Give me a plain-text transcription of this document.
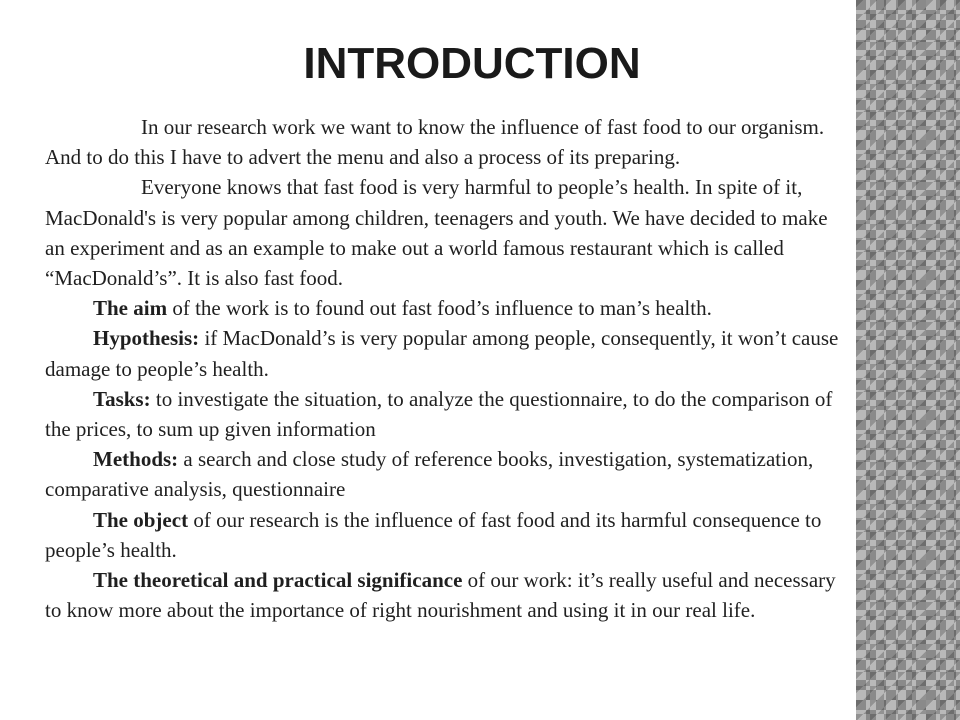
INTRODUCTION

In our research work we want to know the influence of fast food to our organism. And to do this I have to advert the menu and also a process of its preparing.

Everyone knows that fast food is very harmful to people’s health. In spite of it, MacDonald's is very popular among children, teenagers and youth. We have decided to make an experiment and as an example to make out a world famous restaurant which is called “MacDonald’s”. It is also fast food.

The aim of the work is to found out fast food’s influence to man’s health.

Hypothesis: if MacDonald’s is very popular among people, consequently, it won’t cause damage to people’s health.

Tasks: to investigate the situation, to analyze the questionnaire, to do the comparison of the prices, to sum up given information

Methods: a search and close study of reference books, investigation, systematization, comparative analysis, questionnaire

The object of our research is the influence of fast food and its harmful consequence to people’s health.

The theoretical and practical significance of our work: it’s really useful and necessary to know more about the importance of right nourishment and using it in our real life.
